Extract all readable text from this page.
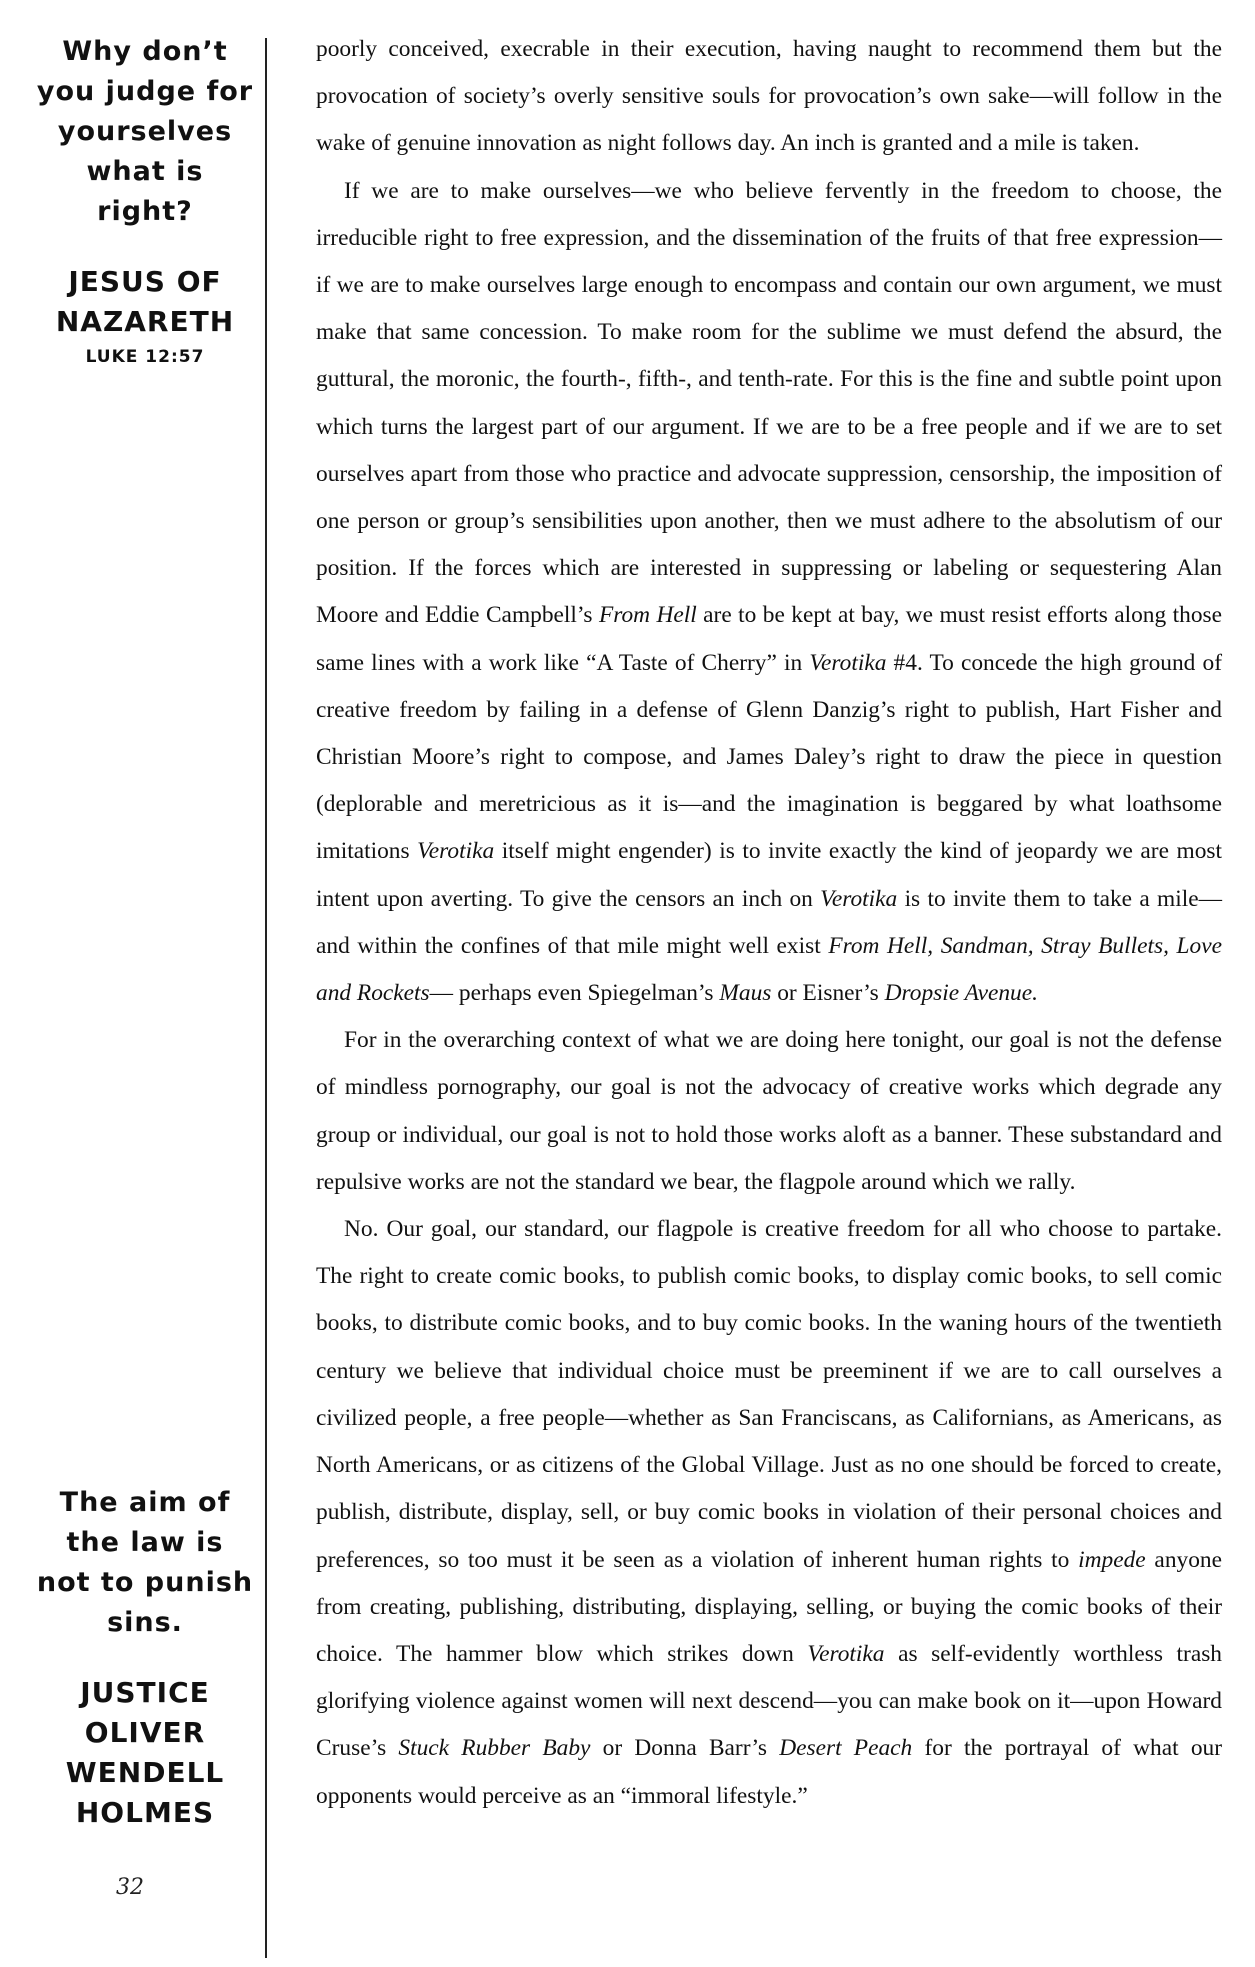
Why don’t you judge for yourselves what is right?
JESUS OF NAZARETH
LUKE 12:57
The aim of the law is not to punish sins.
JUSTICE OLIVER WENDELL HOLMES
32

poorly conceived, execrable in their execution, having naught to recommend them but the provocation of society’s overly sensitive souls for provocation’s own sake—will follow in the wake of genuine innovation as night follows day. An inch is granted and a mile is taken.

If we are to make ourselves—we who believe fervently in the freedom to choose, the irreducible right to free expression, and the dissemination of the fruits of that free expression—if we are to make ourselves large enough to encompass and contain our own argument, we must make that same concession. To make room for the sublime we must defend the absurd, the guttural, the moronic, the fourth-, fifth-, and tenth-rate. For this is the fine and subtle point upon which turns the largest part of our argument. If we are to be a free people and if we are to set ourselves apart from those who practice and advocate suppression, censorship, the imposition of one person or group’s sensibilities upon another, then we must adhere to the absolutism of our position. If the forces which are interested in suppressing or labeling or sequestering Alan Moore and Eddie Campbell’s From Hell are to be kept at bay, we must resist efforts along those same lines with a work like “A Taste of Cherry” in Verotika #4. To concede the high ground of creative freedom by failing in a defense of Glenn Danzig’s right to publish, Hart Fisher and Christian Moore’s right to compose, and James Daley’s right to draw the piece in question (deplorable and meretricious as it is—and the imagination is beggared by what loathsome imitations Verotika itself might engender) is to invite exactly the kind of jeopardy we are most intent upon averting. To give the censors an inch on Verotika is to invite them to take a mile—and within the confines of that mile might well exist From Hell, Sandman, Stray Bullets, Love and Rockets— perhaps even Spiegelman’s Maus or Eisner’s Dropsie Avenue.

For in the overarching context of what we are doing here tonight, our goal is not the defense of mindless pornography, our goal is not the advocacy of creative works which degrade any group or individual, our goal is not to hold those works aloft as a banner. These substandard and repulsive works are not the standard we bear, the flagpole around which we rally.

No. Our goal, our standard, our flagpole is creative freedom for all who choose to partake. The right to create comic books, to publish comic books, to display comic books, to sell comic books, to distribute comic books, and to buy comic books. In the waning hours of the twentieth century we believe that individual choice must be preeminent if we are to call ourselves a civilized people, a free people—whether as San Franciscans, as Californians, as Americans, as North Americans, or as citizens of the Global Village. Just as no one should be forced to create, publish, distribute, display, sell, or buy comic books in violation of their personal choices and preferences, so too must it be seen as a violation of inherent human rights to impede anyone from creating, publishing, distributing, displaying, selling, or buying the comic books of their choice. The hammer blow which strikes down Verotika as self-evidently worthless trash glorifying violence against women will next descend—you can make book on it—upon Howard Cruse’s Stuck Rubber Baby or Donna Barr’s Desert Peach for the portrayal of what our opponents would perceive as an “immoral lifestyle.”
